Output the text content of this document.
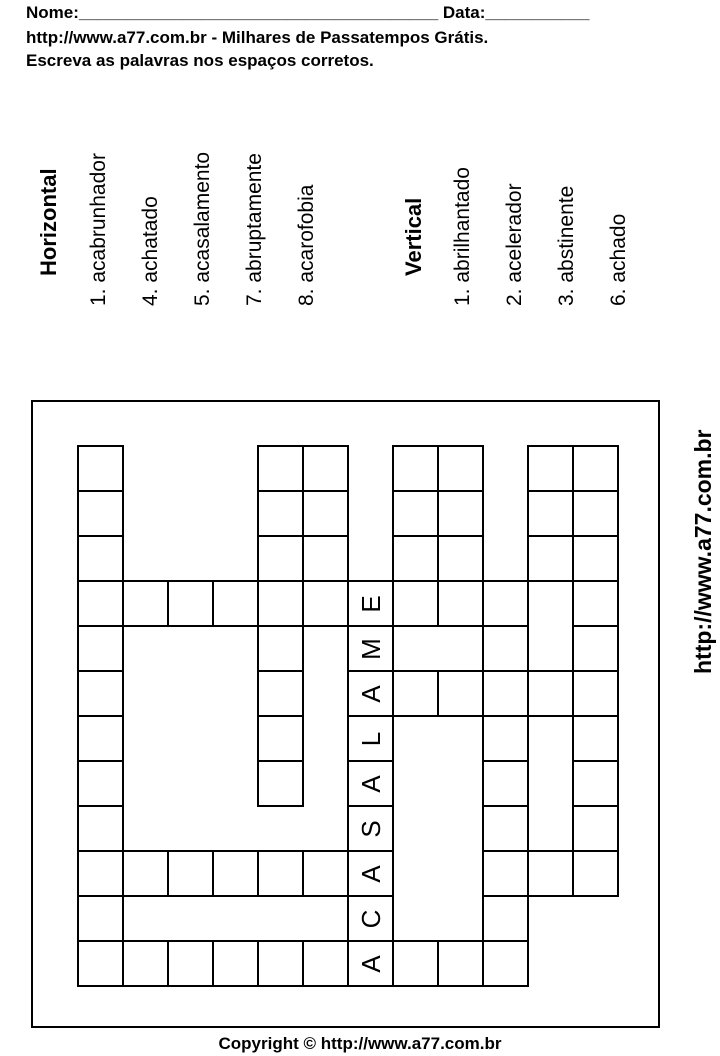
Nome:______________________________________ Data:___________
http://www.a77.com.br - Milhares de Passatempos Grátis.
Escreva as palavras nos espaços corretos.
Horizontal 1. acabrunhador 4. achatado 5. acasalamento 7. abruptamente 8. acarofobia	Vertical 1. abrilhantado 2. acelerador 3. abstinente 6. achado
http://www.a77.com.br
E
M
A
L
A
S
A
C
A
Copyright © http://www.a77.com.br
